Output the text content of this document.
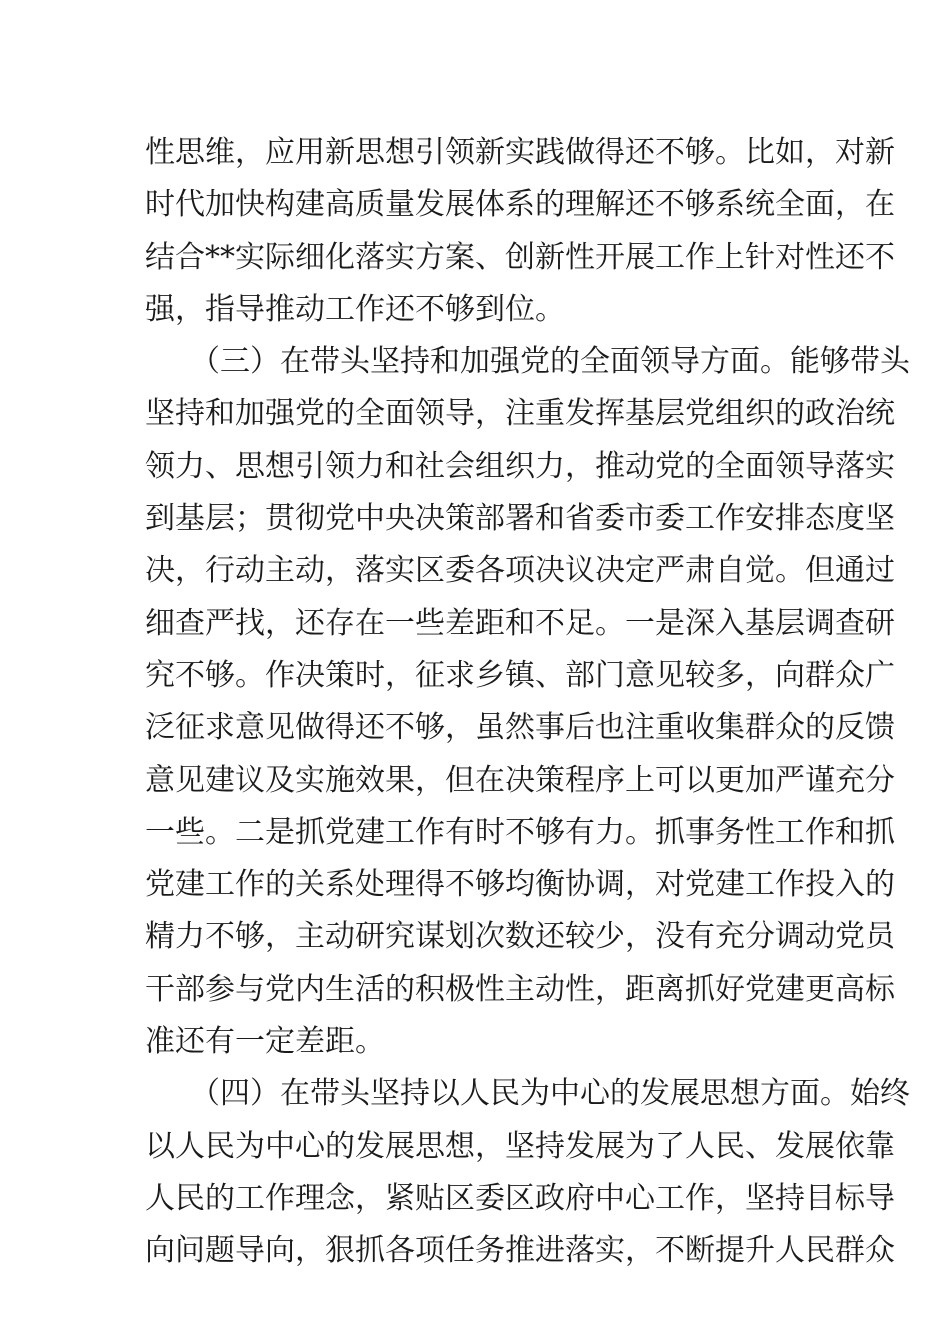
性思维，应用新思想引领新实践做得还不够。比如，对新
时代加快构建高质量发展体系的理解还不够系统全面，在
结合**实际细化落实方案、创新性开展工作上针对性还不
强，指导推动工作还不够到位。
（三）在带头坚持和加强党的全面领导方面。能够带头
坚持和加强党的全面领导，注重发挥基层党组织的政治统
领力、思想引领力和社会组织力，推动党的全面领导落实
到基层；贯彻党中央决策部署和省委市委工作安排态度坚
决，行动主动，落实区委各项决议决定严肃自觉。但通过
细查严找，还存在一些差距和不足。一是深入基层调查研
究不够。作决策时，征求乡镇、部门意见较多，向群众广
泛征求意见做得还不够，虽然事后也注重收集群众的反馈
意见建议及实施效果，但在决策程序上可以更加严谨充分
一些。二是抓党建工作有时不够有力。抓事务性工作和抓
党建工作的关系处理得不够均衡协调，对党建工作投入的
精力不够，主动研究谋划次数还较少，没有充分调动党员
干部参与党内生活的积极性主动性，距离抓好党建更高标
准还有一定差距。
（四）在带头坚持以人民为中心的发展思想方面。始终
以人民为中心的发展思想，坚持发展为了人民、发展依靠
人民的工作理念，紧贴区委区政府中心工作，坚持目标导
向问题导向，狠抓各项任务推进落实，不断提升人民群众
